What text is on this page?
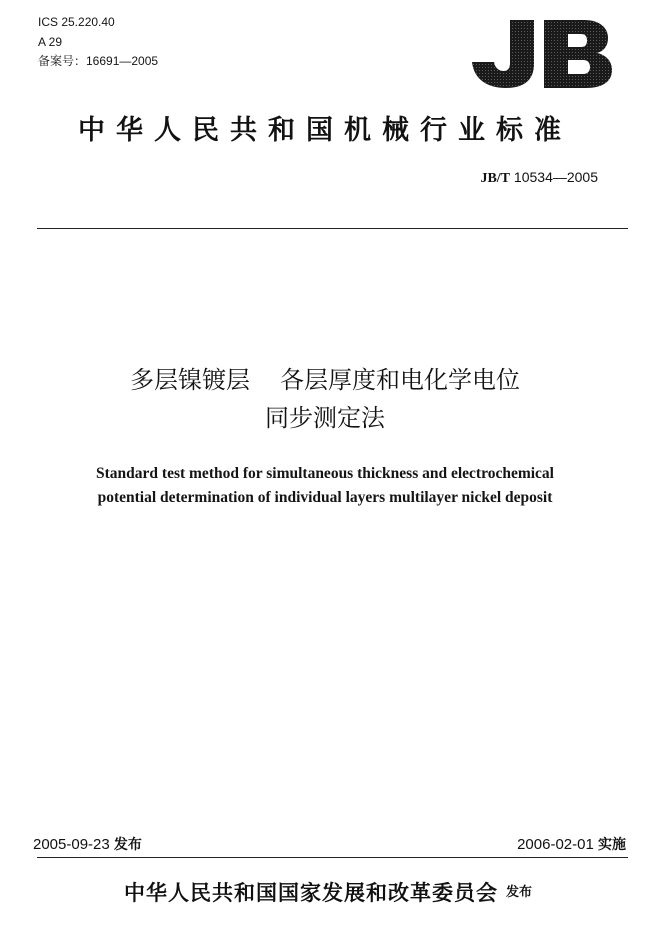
ICS 25.220.40
A 29
备案号：16691—2005
JB
中华人民共和国机械行业标准
JB/T 10534—2005
多层镍镀层 各层厚度和电化学电位
同步测定法
Standard test method for simultaneous thickness and electrochemical
potential determination of individual layers multilayer nickel deposit
2005-09-23 发布	2006-02-01 实施
中华人民共和国国家发展和改革委员会 发布
